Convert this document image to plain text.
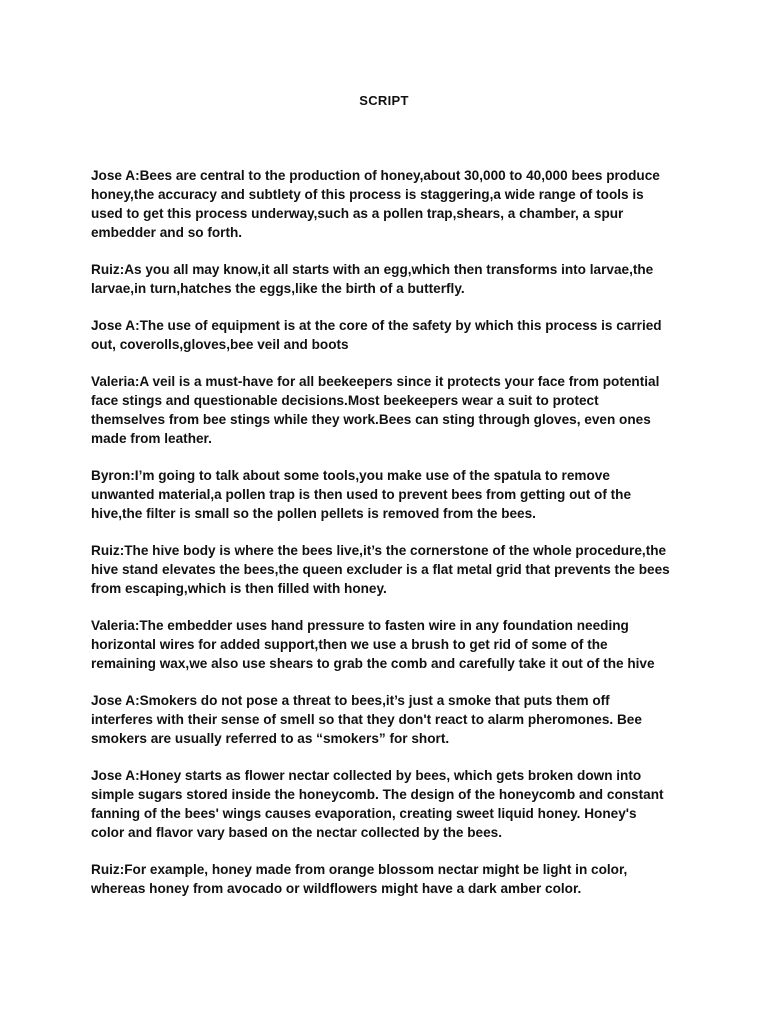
SCRIPT

Jose A:Bees are central to the production of honey,about 30,000 to 40,000 bees produce
honey,the accuracy and subtlety of this process is staggering,a wide range of tools is
used to get this process underway,such as a pollen trap,shears, a chamber, a spur
embedder and so forth.

Ruiz:As you all may know,it all starts with an egg,which then transforms into larvae,the
larvae,in turn,hatches the eggs,like the birth of a butterfly.

Jose A:The use of equipment is at the core of the safety by which this process is carried
out, coverolls,gloves,bee veil and boots

Valeria:A veil is a must-have for all beekeepers since it protects your face from potential
face stings and questionable decisions.Most beekeepers wear a suit to protect
themselves from bee stings while they work.Bees can sting through gloves, even ones
made from leather.

Byron:I’m going to talk about some tools,you make use of the spatula to remove
unwanted material,a pollen trap is then used to prevent bees from getting out of the
hive,the filter is small so the pollen pellets is removed from the bees.

Ruiz:The hive body is where the bees live,it’s the cornerstone of the whole procedure,the
hive stand elevates the bees,the queen excluder is a flat metal grid that prevents the bees
from escaping,which is then filled with honey.

Valeria:The embedder uses hand pressure to fasten wire in any foundation needing
horizontal wires for added support,then we use a brush to get rid of some of the
remaining wax,we also use shears to grab the comb and carefully take it out of the hive

Jose A:Smokers do not pose a threat to bees,it’s just a smoke that puts them off
interferes with their sense of smell so that they don't react to alarm pheromones. Bee
smokers are usually referred to as “smokers” for short.

Jose A:Honey starts as flower nectar collected by bees, which gets broken down into
simple sugars stored inside the honeycomb. The design of the honeycomb and constant
fanning of the bees' wings causes evaporation, creating sweet liquid honey. Honey's
color and flavor vary based on the nectar collected by the bees.

Ruiz:For example, honey made from orange blossom nectar might be light in color,
whereas honey from avocado or wildflowers might have a dark amber color.
